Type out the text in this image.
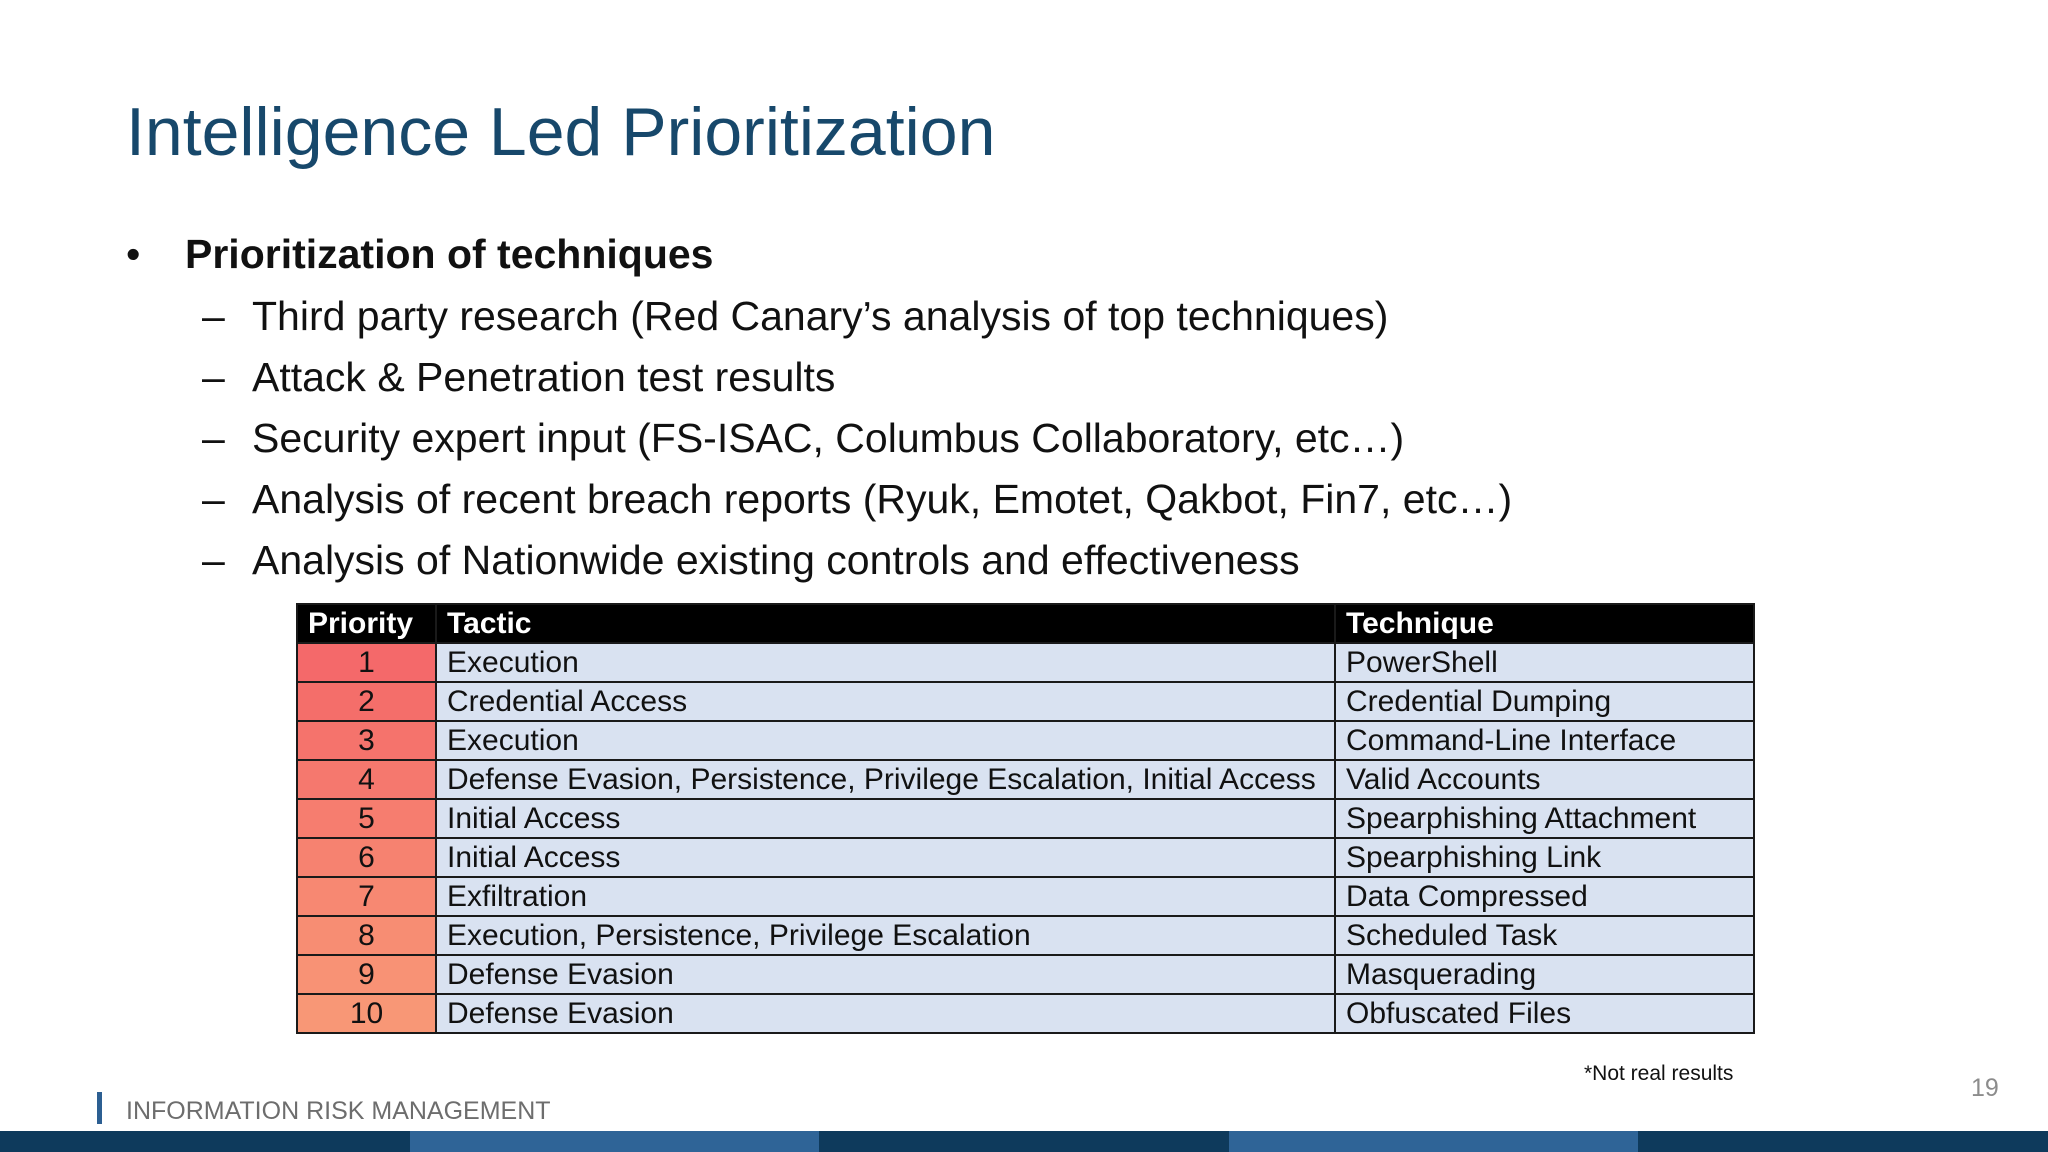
Intelligence Led Prioritization
• Prioritization of techniques
– Third party research (Red Canary’s analysis of top techniques)
– Attack & Penetration test results
– Security expert input (FS-ISAC, Columbus Collaboratory, etc…)
– Analysis of recent breach reports (Ryuk, Emotet, Qakbot, Fin7, etc…)
– Analysis of Nationwide existing controls and effectiveness
Priority	Tactic	Technique
1	Execution	PowerShell
2	Credential Access	Credential Dumping
3	Execution	Command-Line Interface
4	Defense Evasion, Persistence, Privilege Escalation, Initial Access	Valid Accounts
5	Initial Access	Spearphishing Attachment
6	Initial Access	Spearphishing Link
7	Exfiltration	Data Compressed
8	Execution, Persistence, Privilege Escalation	Scheduled Task
9	Defense Evasion	Masquerading
10	Defense Evasion	Obfuscated Files
*Not real results
19
INFORMATION RISK MANAGEMENT
